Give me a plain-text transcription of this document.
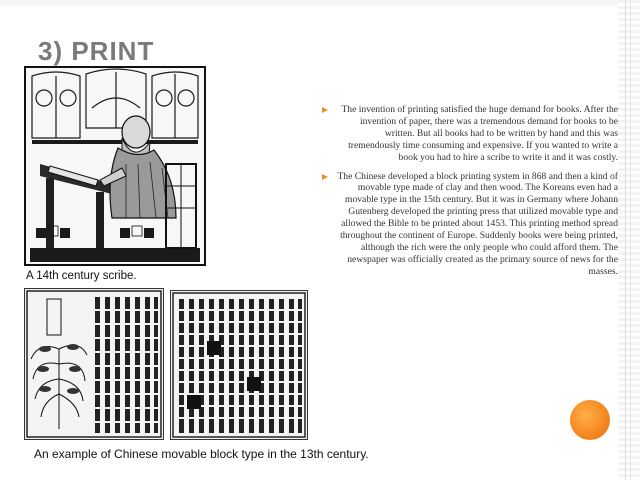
3) PRINT

A 14th century scribe.

An example of Chinese movable block type in the 13th century.

The invention of printing satisfied the huge demand for books. After the invention of paper, there was a tremendous demand for books to be written. But all books had to be written by hand and this was tremendously time consuming and expensive. If you wanted to write a book you had to hire a scribe to write it and it was costly.
The Chinese developed a block printing system in 868 and then a kind of movable type made of clay and then wood. The Koreans even had a movable type in the 15th century. But it was in Germany where Johann Gutenberg developed the printing press that utilized movable type and allowed the Bible to be printed about 1453. This printing method spread throughout the continent of Europe. Suddenly books were being printed, although the rich were the only people who could afford them. The newspaper was officially created as the primary source of news for the masses.
